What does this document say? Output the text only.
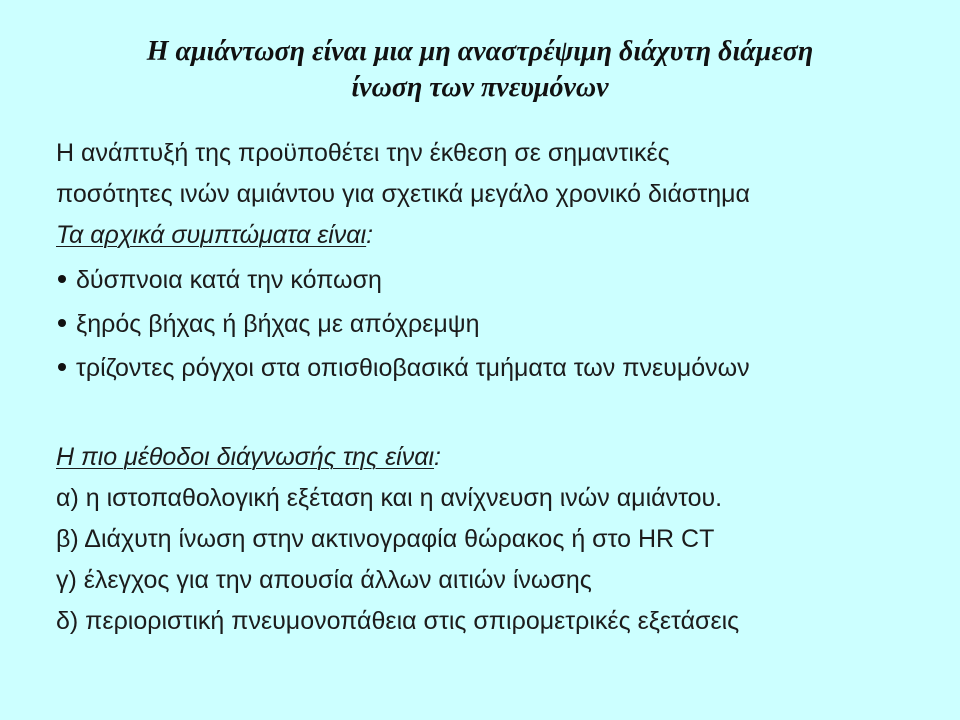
Η αμιάντωση είναι μια μη αναστρέψιμη διάχυτη διάμεση
ίνωση των πνευμόνων
Η ανάπτυξή της προϋποθέτει την έκθεση σε σημαντικές
ποσότητες ινών αμιάντου για σχετικά μεγάλο χρονικό διάστημα
Τα αρχικά συμπτώματα είναι:
δύσπνοια κατά την κόπωση
ξηρός βήχας ή βήχας με απόχρεμψη
τρίζοντες ρόγχοι στα οπισθιοβασικά τμήματα των πνευμόνων
Η πιο μέθοδοι διάγνωσής της είναι:
α) η ιστοπαθολογική εξέταση και η ανίχνευση ινών αμιάντου.
β) Διάχυτη ίνωση στην ακτινογραφία θώρακος ή στο HR CT
γ) έλεγχος για την απουσία άλλων αιτιών ίνωσης
δ) περιοριστική πνευμονοπάθεια στις σπιρομετρικές εξετάσεις
